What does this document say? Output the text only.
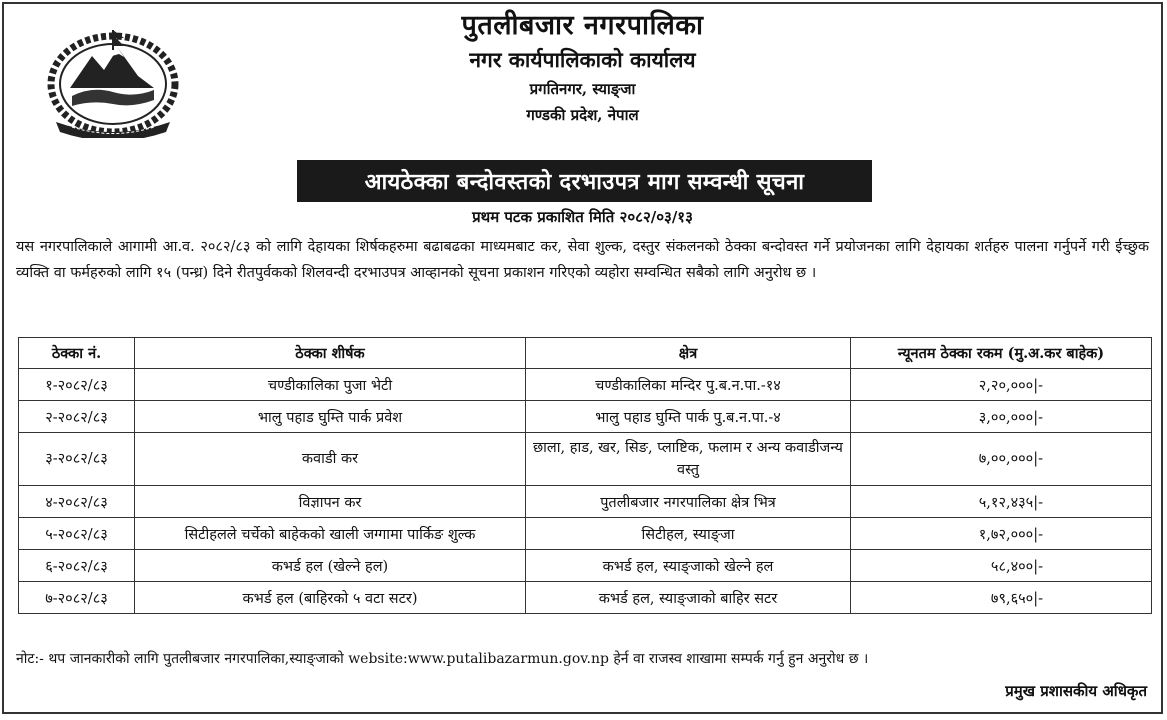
पुतलीबजार नगरपालिका
नगर कार्यपालिकाको कार्यालय
प्रगतिनगर, स्याङ्जा
गण्डकी प्रदेश, नेपाल
आयठेक्का बन्दोवस्तको दरभाउपत्र माग सम्वन्धी सूचना
प्रथम पटक प्रकाशित मिति २०८२/०३/१३
यस नगरपालिकाले आगामी आ.व. २०८२/८३ को लागि देहायका शिर्षकहरुमा बढाबढका माध्यमबाट कर, सेवा शुल्क, दस्तुर संकलनको ठेक्का बन्दोवस्त गर्ने प्रयोजनका लागि देहायका शर्तहरु पालना गर्नुपर्ने गरी ईच्छुक व्यक्ति वा फर्महरुको लागि १५ (पन्ध्र) दिने रीतपुर्वकको शिलवन्दी दरभाउपत्र आव्हानको सूचना प्रकाशन गरिएको व्यहोरा सम्वन्धित सबैको लागि अनुरोध छ ।
ठेक्का नं.	ठेक्का शीर्षक	क्षेत्र	न्यूनतम ठेक्का रकम (मु.अ.कर बाहेक)
१-२०८२/८३	चण्डीकालिका पुजा भेटी	चण्डीकालिका मन्दिर पु.ब.न.पा.-१४	२,२०,०००|-
२-२०८२/८३	भालु पहाड घुम्ति पार्क प्रवेश	भालु पहाड घुम्ति पार्क पु.ब.न.पा.-४	३,००,०००|-
३-२०८२/८३	कवाडी कर	छाला, हाड, खर, सिङ, प्लाष्टिक, फलाम र अन्य कवाडीजन्य वस्तु	७,००,०००|-
४-२०८२/८३	विज्ञापन कर	पुतलीबजार नगरपालिका क्षेत्र भित्र	५,१२,४३५|-
५-२०८२/८३	सिटीहलले चर्चेको बाहेकको खाली जग्गामा पार्किङ शुल्क	सिटीहल, स्याङ्जा	१,७२,०००|-
६-२०८२/८३	कभर्ड हल (खेल्ने हल)	कभर्ड हल, स्याङ्जाको खेल्ने हल	५८,४००|-
७-२०८२/८३	कभर्ड हल (बाहिरको ५ वटा सटर)	कभर्ड हल, स्याङ्जाको बाहिर सटर	७९,६५०|-
नोट:- थप जानकारीको लागि पुतलीबजार नगरपालिका,स्याङ्जाको website:www.putalibazarmun.gov.np हेर्न वा राजस्व शाखामा सम्पर्क गर्नु हुन अनुरोध छ ।
प्रमुख प्रशासकीय अधिकृत
